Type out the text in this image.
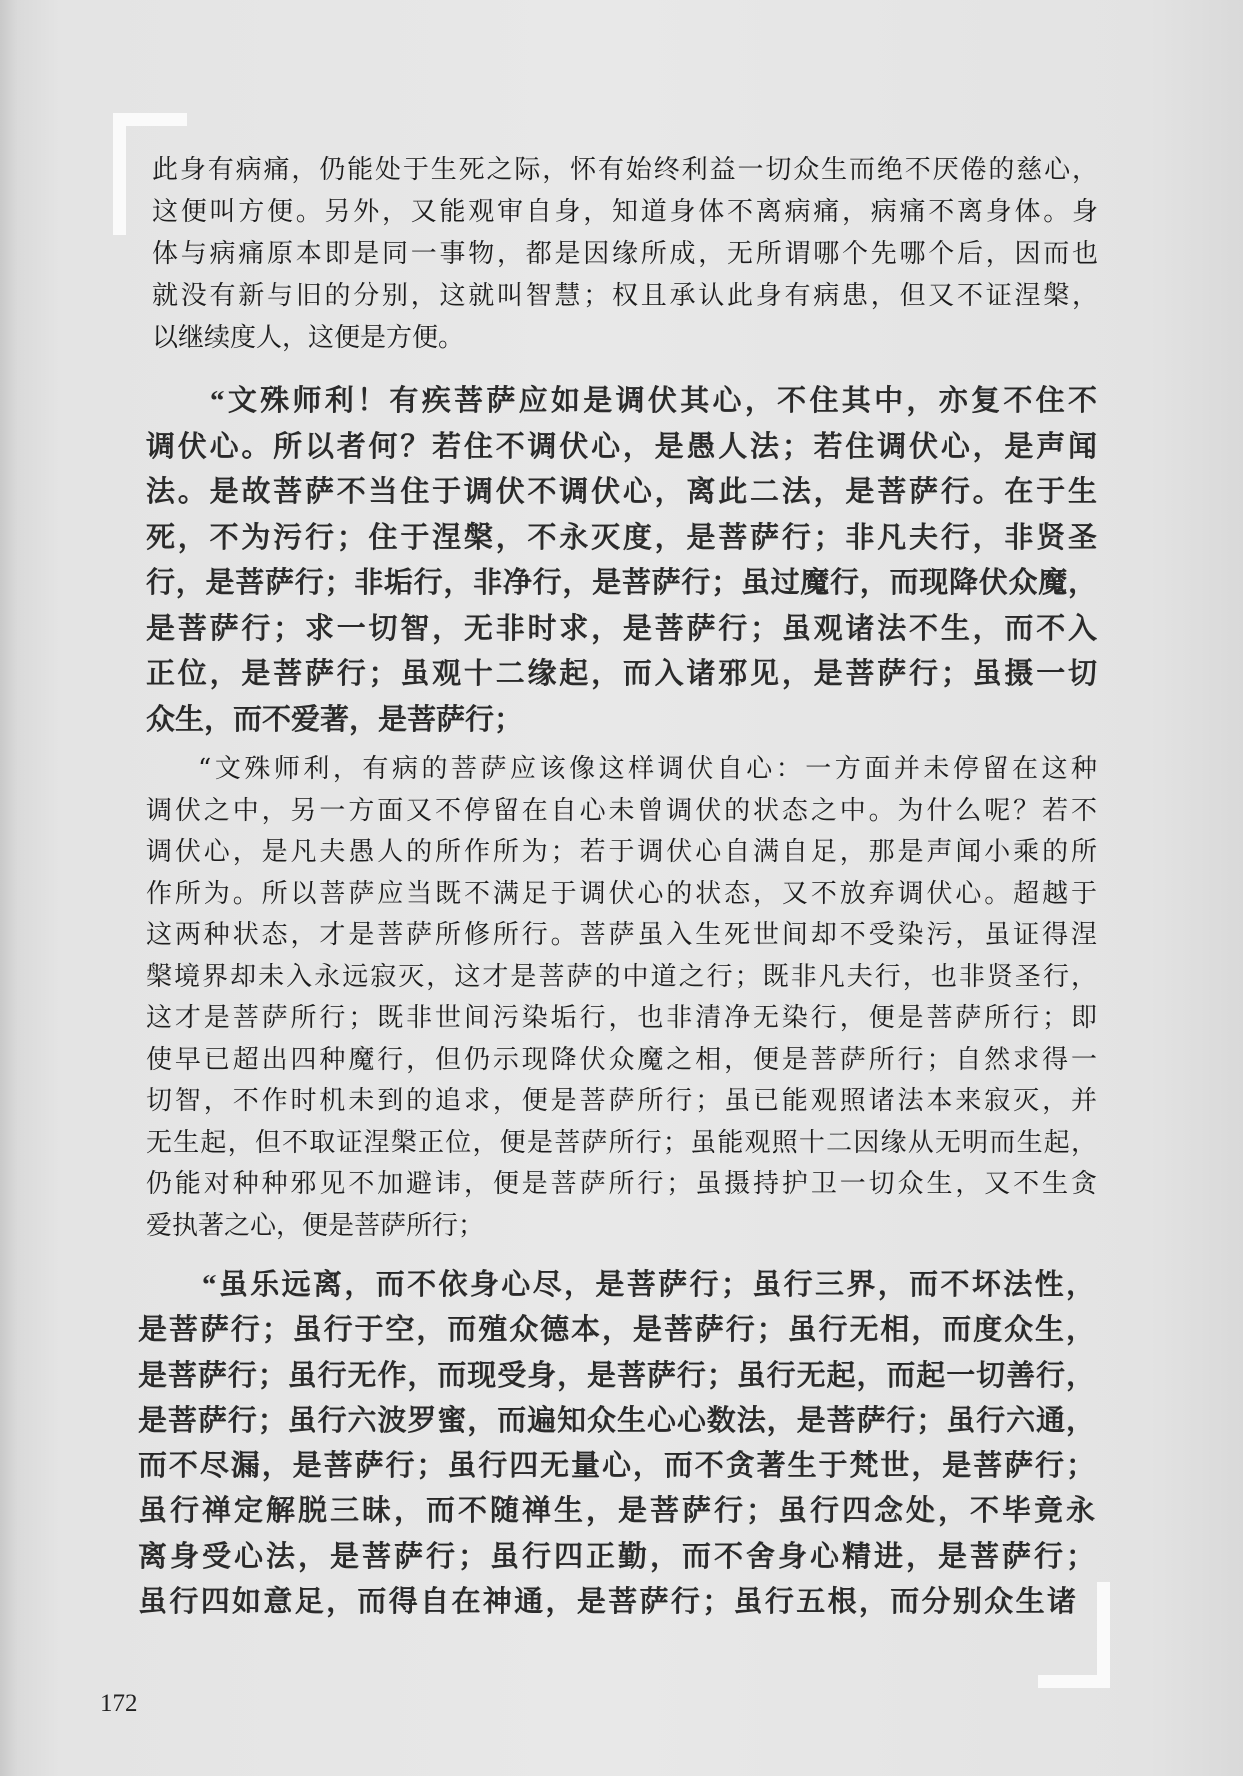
此身有病痛，仍能处于生死之际，怀有始终利益一切众生而绝不厌倦的慈心，
这便叫方便。另外，又能观审自身，知道身体不离病痛，病痛不离身体。身
体与病痛原本即是同一事物，都是因缘所成，无所谓哪个先哪个后，因而也
就没有新与旧的分别，这就叫智慧；权且承认此身有病患，但又不证涅槃，
以继续度人，这便是方便。
“文殊师利！有疾菩萨应如是调伏其心，不住其中，亦复不住不
调伏心。所以者何？若住不调伏心，是愚人法；若住调伏心，是声闻
法。是故菩萨不当住于调伏不调伏心，离此二法，是菩萨行。在于生
死，不为污行；住于涅槃，不永灭度，是菩萨行；非凡夫行，非贤圣
行，是菩萨行；非垢行，非净行，是菩萨行；虽过魔行，而现降伏众魔，
是菩萨行；求一切智，无非时求，是菩萨行；虽观诸法不生，而不入
正位，是菩萨行；虽观十二缘起，而入诸邪见，是菩萨行；虽摄一切
众生，而不爱著，是菩萨行；
“文殊师利，有病的菩萨应该像这样调伏自心：一方面并未停留在这种
调伏之中，另一方面又不停留在自心未曾调伏的状态之中。为什么呢？若不
调伏心，是凡夫愚人的所作所为；若于调伏心自满自足，那是声闻小乘的所
作所为。所以菩萨应当既不满足于调伏心的状态，又不放弃调伏心。超越于
这两种状态，才是菩萨所修所行。菩萨虽入生死世间却不受染污，虽证得涅
槃境界却未入永远寂灭，这才是菩萨的中道之行；既非凡夫行，也非贤圣行，
这才是菩萨所行；既非世间污染垢行，也非清净无染行，便是菩萨所行；即
使早已超出四种魔行，但仍示现降伏众魔之相，便是菩萨所行；自然求得一
切智，不作时机未到的追求，便是菩萨所行；虽已能观照诸法本来寂灭，并
无生起，但不取证涅槃正位，便是菩萨所行；虽能观照十二因缘从无明而生起，
仍能对种种邪见不加避讳，便是菩萨所行；虽摄持护卫一切众生，又不生贪
爱执著之心，便是菩萨所行；
“虽乐远离，而不依身心尽，是菩萨行；虽行三界，而不坏法性，
是菩萨行；虽行于空，而殖众德本，是菩萨行；虽行无相，而度众生，
是菩萨行；虽行无作，而现受身，是菩萨行；虽行无起，而起一切善行，
是菩萨行；虽行六波罗蜜，而遍知众生心心数法，是菩萨行；虽行六通，
而不尽漏，是菩萨行；虽行四无量心，而不贪著生于梵世，是菩萨行；
虽行禅定解脱三昧，而不随禅生，是菩萨行；虽行四念处，不毕竟永
离身受心法，是菩萨行；虽行四正勤，而不舍身心精进，是菩萨行；
虽行四如意足，而得自在神通，是菩萨行；虽行五根，而分别众生诸
172
